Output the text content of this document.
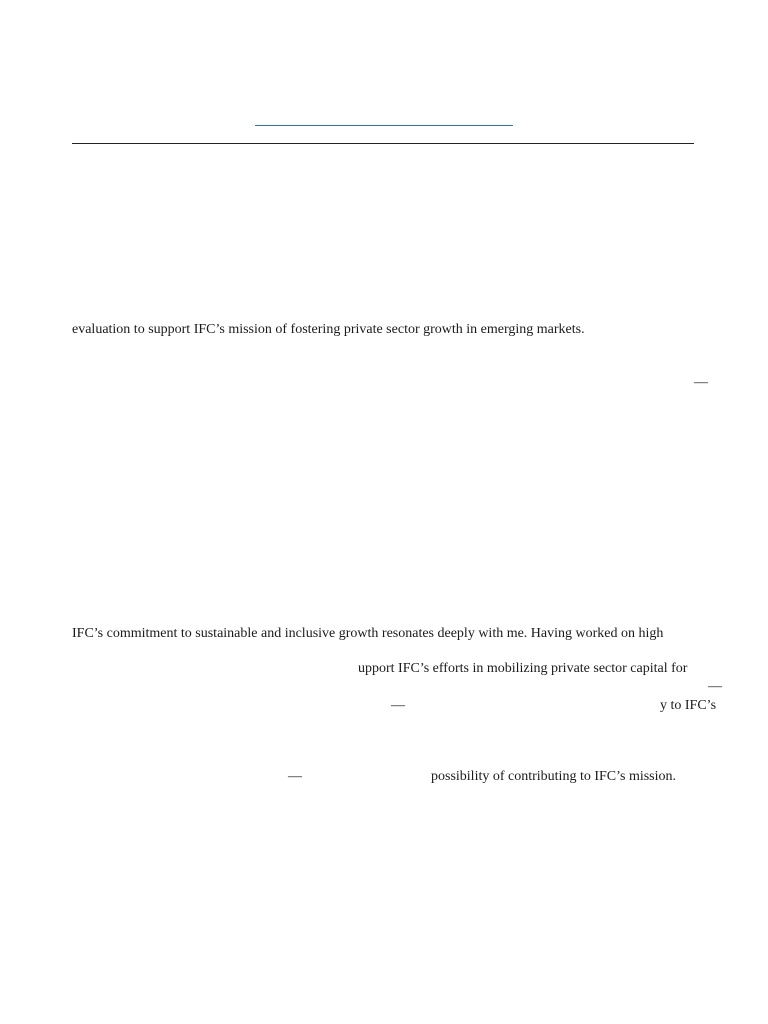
evaluation to support IFC’s mission of fostering private sector growth in emerging markets.
—
IFC’s commitment to sustainable and inclusive growth resonates deeply with me. Having worked on high
upport IFC’s efforts in mobilizing private sector capital for
—
—	y to IFC’s
—	possibility of contributing to IFC’s mission.
